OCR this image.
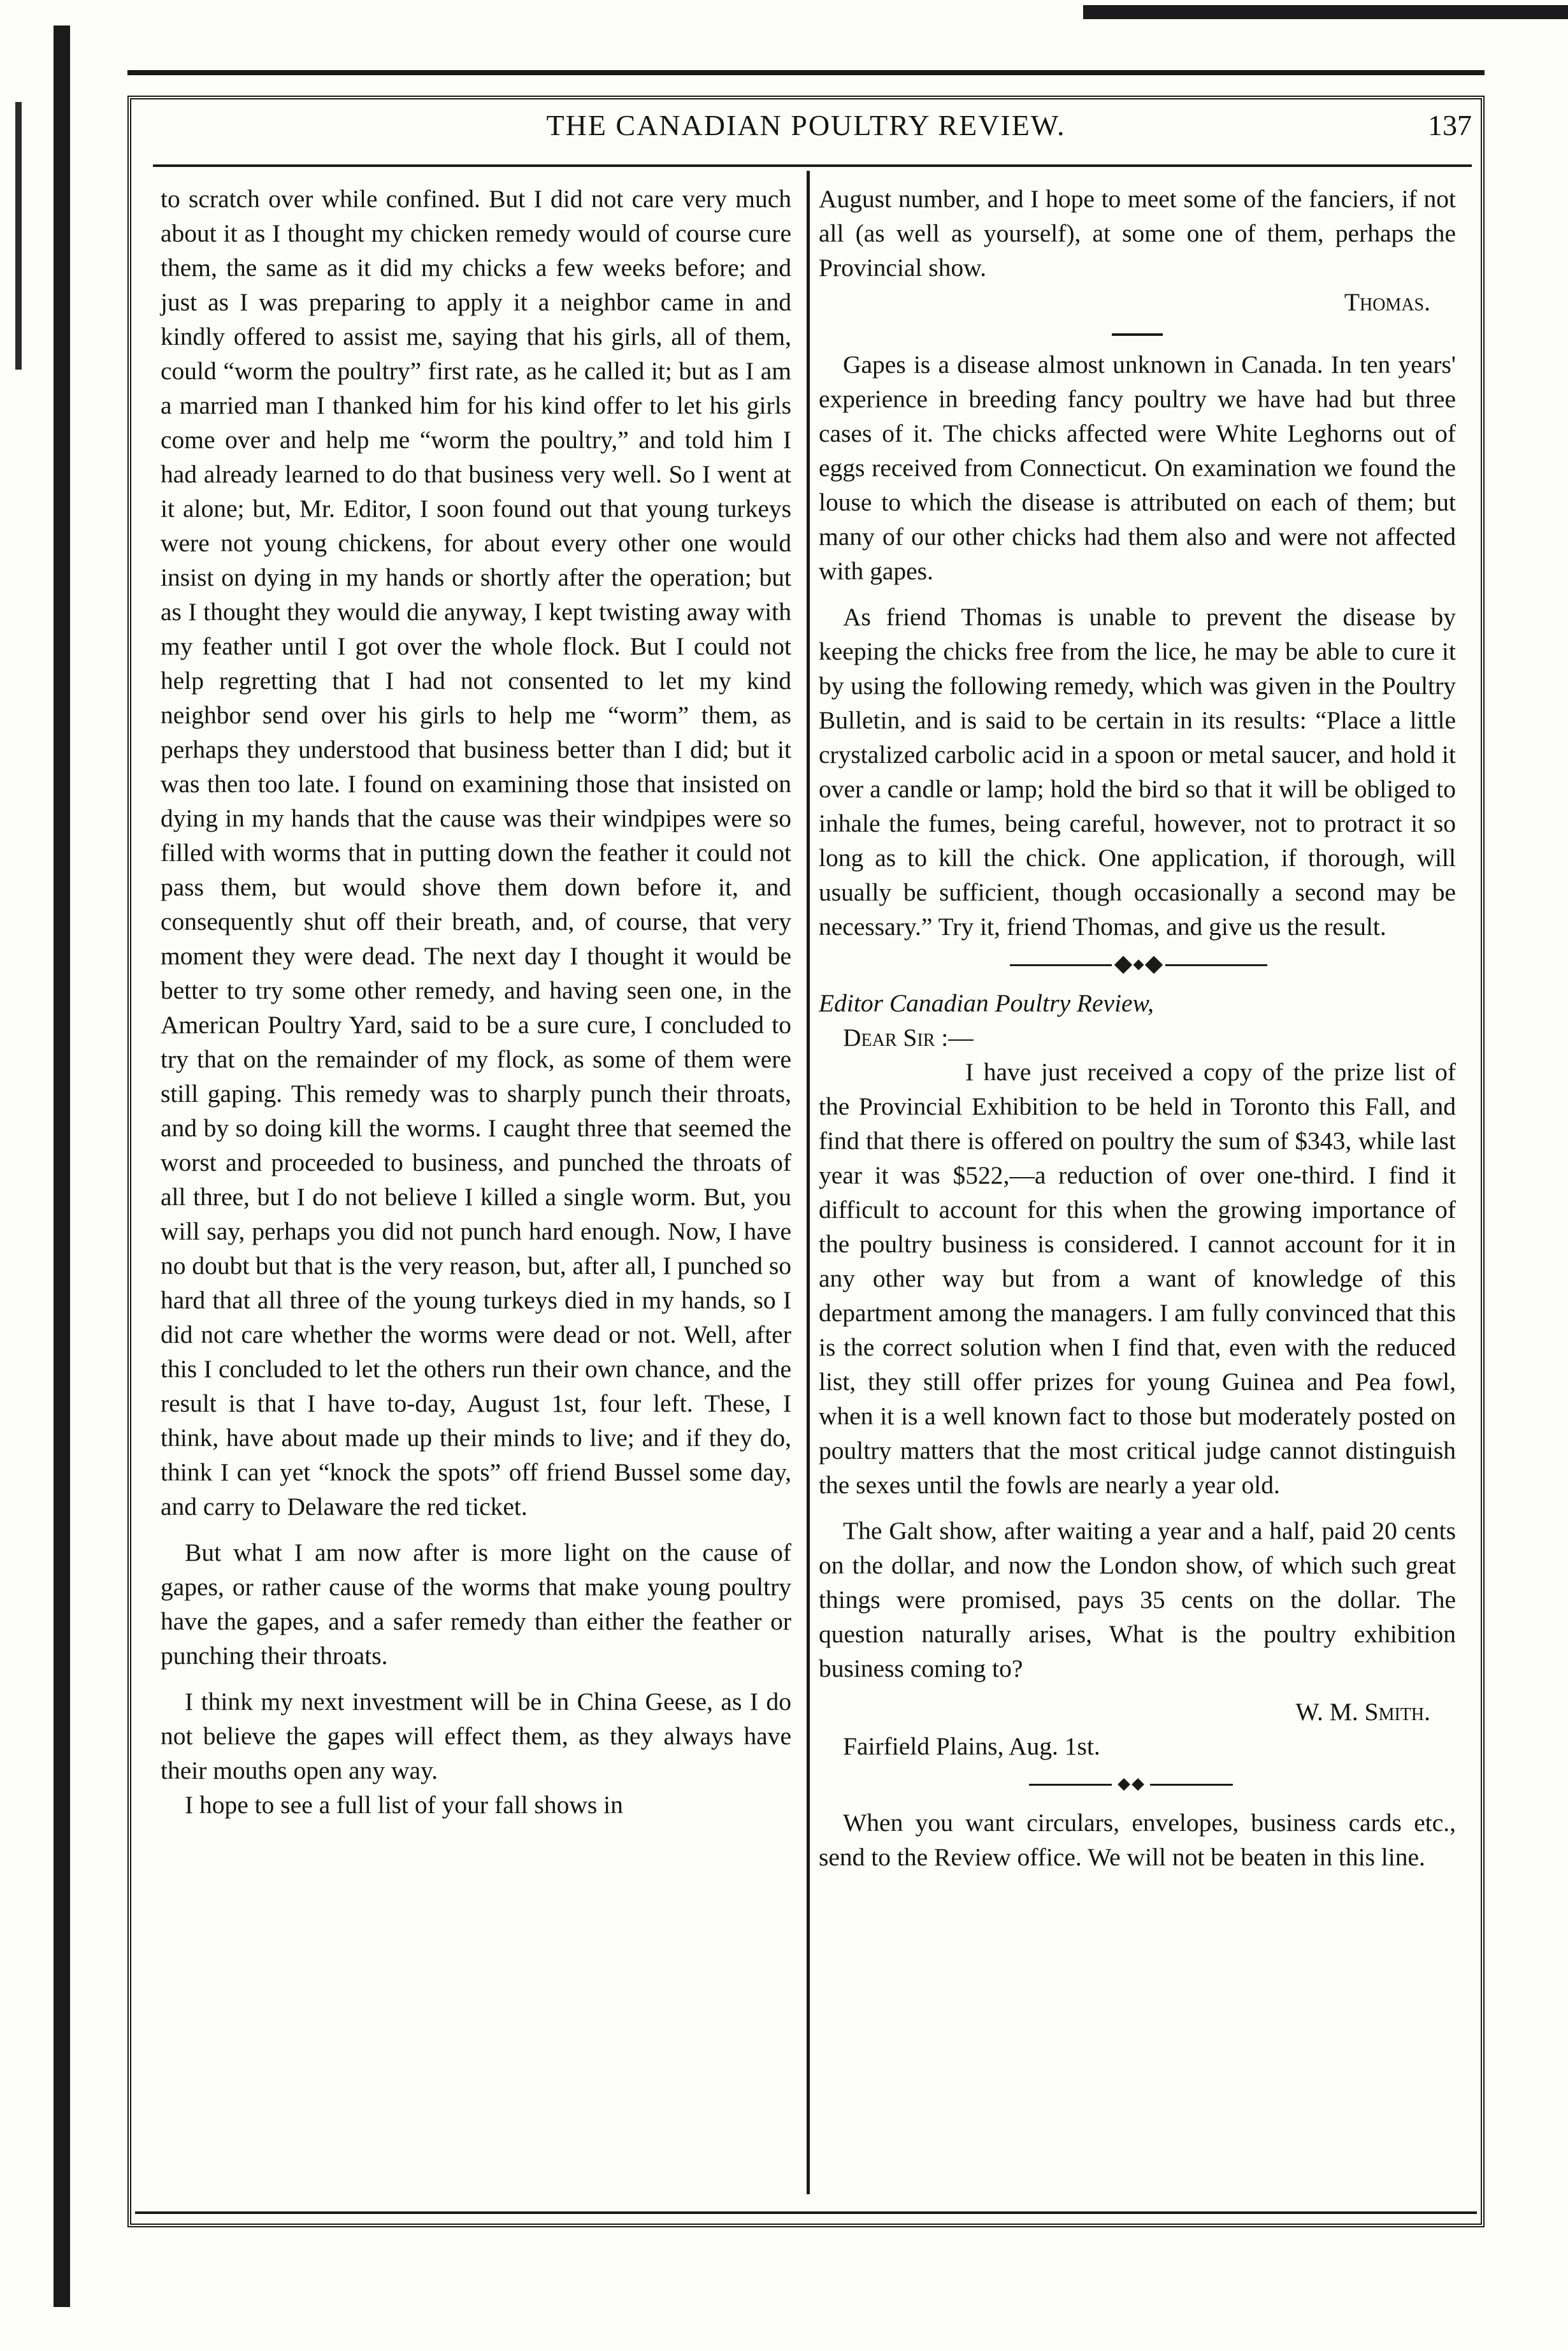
THE CANADIAN POULTRY REVIEW.	137

to scratch over while confined. But I did not care very much about it as I thought my chicken remedy would of course cure them, the same as it did my chicks a few weeks before; and just as I was preparing to apply it a neighbor came in and kindly offered to assist me, saying that his girls, all of them, could “worm the poultry” first rate, as he called it; but as I am a married man I thanked him for his kind offer to let his girls come over and help me “worm the poultry,” and told him I had already learned to do that business very well. So I went at it alone; but, Mr. Editor, I soon found out that young turkeys were not young chickens, for about every other one would insist on dying in my hands or shortly after the operation; but as I thought they would die anyway, I kept twisting away with my feather until I got over the whole flock. But I could not help regretting that I had not consented to let my kind neighbor send over his girls to help me “worm” them, as perhaps they understood that business better than I did; but it was then too late. I found on examining those that insisted on dying in my hands that the cause was their windpipes were so filled with worms that in putting down the feather it could not pass them, but would shove them down before it, and consequently shut off their breath, and, of course, that very moment they were dead. The next day I thought it would be better to try some other remedy, and having seen one, in the American Poultry Yard, said to be a sure cure, I concluded to try that on the remainder of my flock, as some of them were still gaping. This remedy was to sharply punch their throats, and by so doing kill the worms. I caught three that seemed the worst and proceeded to business, and punched the throats of all three, but I do not believe I killed a single worm. But, you will say, perhaps you did not punch hard enough. Now, I have no doubt but that is the very reason, but, after all, I punched so hard that all three of the young turkeys died in my hands, so I did not care whether the worms were dead or not. Well, after this I concluded to let the others run their own chance, and the result is that I have to-day, August 1st, four left. These, I think, have about made up their minds to live; and if they do, think I can yet “knock the spots” off friend Bussel some day, and carry to Delaware the red ticket.

But what I am now after is more light on the cause of gapes, or rather cause of the worms that make young poultry have the gapes, and a safer remedy than either the feather or punching their throats.

I think my next investment will be in China Geese, as I do not believe the gapes will effect them, as they always have their mouths open any way.

I hope to see a full list of your fall shows in

August number, and I hope to meet some of the fanciers, if not all (as well as yourself), at some one of them, perhaps the Provincial show.

Thomas.

Gapes is a disease almost unknown in Canada. In ten years' experience in breeding fancy poultry we have had but three cases of it. The chicks affected were White Leghorns out of eggs received from Connecticut. On examination we found the louse to which the disease is attributed on each of them; but many of our other chicks had them also and were not affected with gapes.

As friend Thomas is unable to prevent the disease by keeping the chicks free from the lice, he may be able to cure it by using the following remedy, which was given in the Poultry Bulletin, and is said to be certain in its results: “Place a little crystalized carbolic acid in a spoon or metal saucer, and hold it over a candle or lamp; hold the bird so that it will be obliged to inhale the fumes, being careful, however, not to protract it so long as to kill the chick. One application, if thorough, will usually be sufficient, though occasionally a second may be necessary.” Try it, friend Thomas, and give us the result.

Editor Canadian Poultry Review,

Dear Sir :—

I have just received a copy of the prize list of the Provincial Exhibition to be held in Toronto this Fall, and find that there is offered on poultry the sum of $343, while last year it was $522,—a reduction of over one-third. I find it difficult to account for this when the growing importance of the poultry business is considered. I cannot account for it in any other way but from a want of knowledge of this department among the managers. I am fully convinced that this is the correct solution when I find that, even with the reduced list, they still offer prizes for young Guinea and Pea fowl, when it is a well known fact to those but moderately posted on poultry matters that the most critical judge cannot distinguish the sexes until the fowls are nearly a year old.

The Galt show, after waiting a year and a half, paid 20 cents on the dollar, and now the London show, of which such great things were promised, pays 35 cents on the dollar. The question naturally arises, What is the poultry exhibition business coming to?

W. M. Smith.

Fairfield Plains, Aug. 1st.

When you want circulars, envelopes, business cards etc., send to the Review office. We will not be beaten in this line.
